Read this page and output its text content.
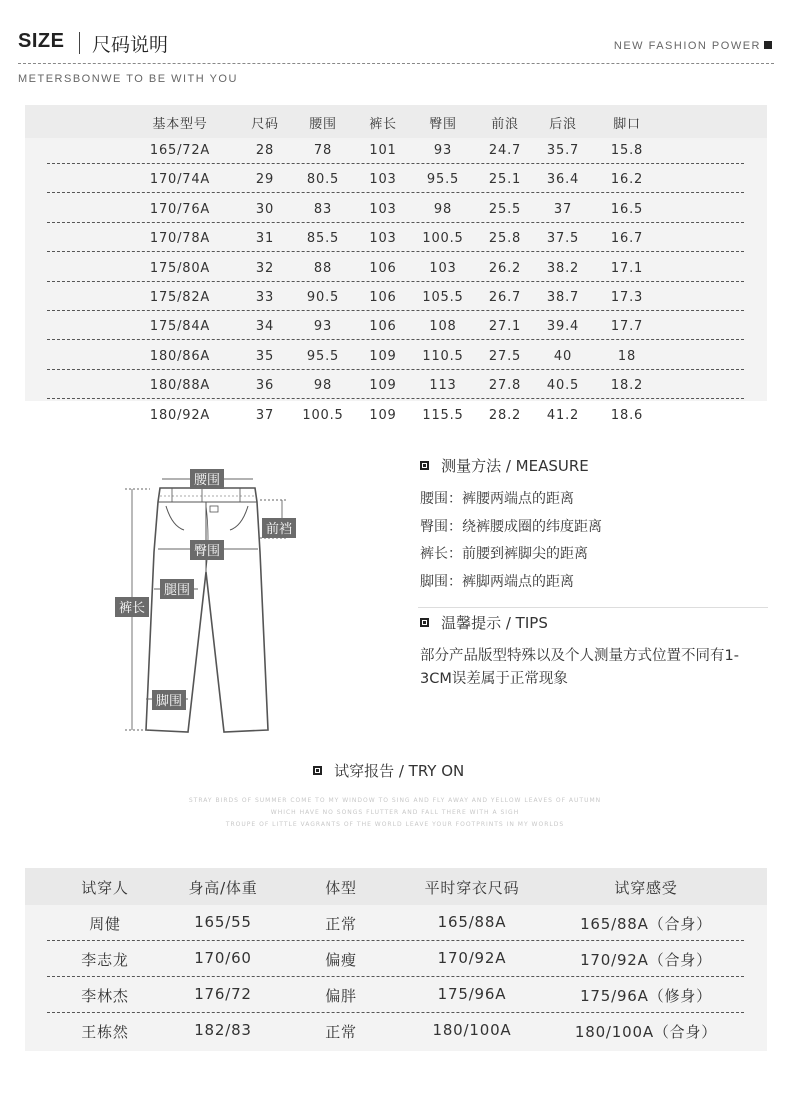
SIZE 尺码说明	NEW FASHION POWER
METERSBONWE TO BE WITH YOU
基本型号	尺码	腰围	裤长	臀围	前浪	后浪	脚口
165/72A	28	78	101	93	24.7	35.7	15.8
170/74A	29	80.5	103	95.5	25.1	36.4	16.2
170/76A	30	83	103	98	25.5	37	16.5
170/78A	31	85.5	103	100.5	25.8	37.5	16.7
175/80A	32	88	106	103	26.2	38.2	17.1
175/82A	33	90.5	106	105.5	26.7	38.7	17.3
175/84A	34	93	106	108	27.1	39.4	17.7
180/86A	35	95.5	109	110.5	27.5	40	18
180/88A	36	98	109	113	27.8	40.5	18.2
180/92A	37	100.5	109	115.5	28.2	41.2	18.6
腰围
前裆
臀围
腿围
裤长
脚围
测量方法 / MEASURE
腰围：裤腰两端点的距离
臀围：绕裤腰成圈的纬度距离
裤长：前腰到裤脚尖的距离
脚围：裤脚两端点的距离
温馨提示 / TIPS
部分产品版型特殊以及个人测量方式位置不同有1-3CM误差属于正常现象
试穿报告 / TRY ON
STRAY BIRDS OF SUMMER COME TO MY WINDOW TO SING AND FLY AWAY AND YELLOW LEAVES OF AUTUMN
WHICH HAVE NO SONGS FLUTTER AND FALL THERE WITH A SIGH
TROUPE OF LITTLE VAGRANTS OF THE WORLD LEAVE YOUR FOOTPRINTS IN MY WORLDS
试穿人	身高/体重	体型	平时穿衣尺码	试穿感受
周健	165/55	正常	165/88A	165/88A（合身）
李志龙	170/60	偏瘦	170/92A	170/92A（合身）
李林杰	176/72	偏胖	175/96A	175/96A（修身）
王栋然	182/83	正常	180/100A	180/100A（合身）
